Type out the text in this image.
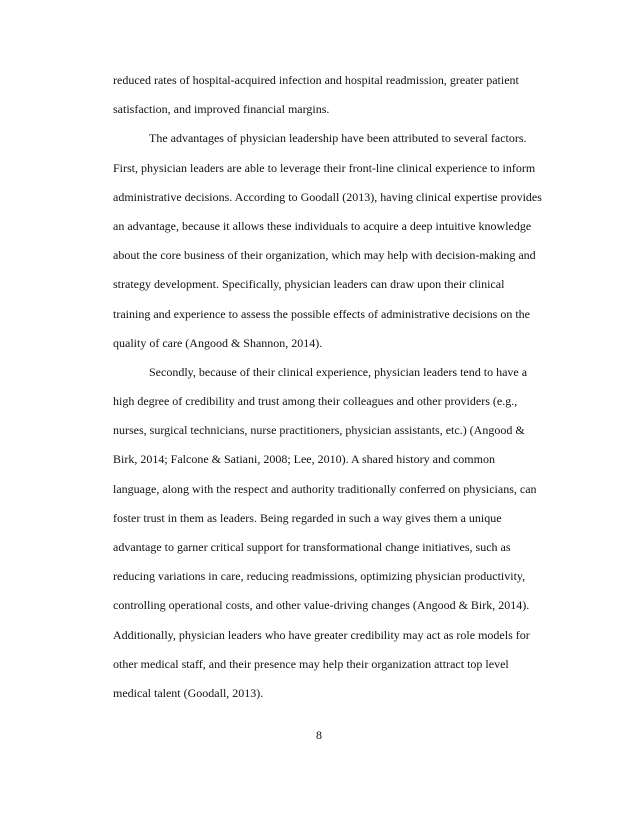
reduced rates of hospital-acquired infection and hospital readmission, greater patient
satisfaction, and improved financial margins.
The advantages of physician leadership have been attributed to several factors.
First, physician leaders are able to leverage their front-line clinical experience to inform
administrative decisions. According to Goodall (2013), having clinical expertise provides
an advantage, because it allows these individuals to acquire a deep intuitive knowledge
about the core business of their organization, which may help with decision-making and
strategy development. Specifically, physician leaders can draw upon their clinical
training and experience to assess the possible effects of administrative decisions on the
quality of care (Angood & Shannon, 2014).
Secondly, because of their clinical experience, physician leaders tend to have a
high degree of credibility and trust among their colleagues and other providers (e.g.,
nurses, surgical technicians, nurse practitioners, physician assistants, etc.) (Angood &
Birk, 2014; Falcone & Satiani, 2008; Lee, 2010). A shared history and common
language, along with the respect and authority traditionally conferred on physicians, can
foster trust in them as leaders. Being regarded in such a way gives them a unique
advantage to garner critical support for transformational change initiatives, such as
reducing variations in care, reducing readmissions, optimizing physician productivity,
controlling operational costs, and other value-driving changes (Angood & Birk, 2014).
Additionally, physician leaders who have greater credibility may act as role models for
other medical staff, and their presence may help their organization attract top level
medical talent (Goodall, 2013).
8
